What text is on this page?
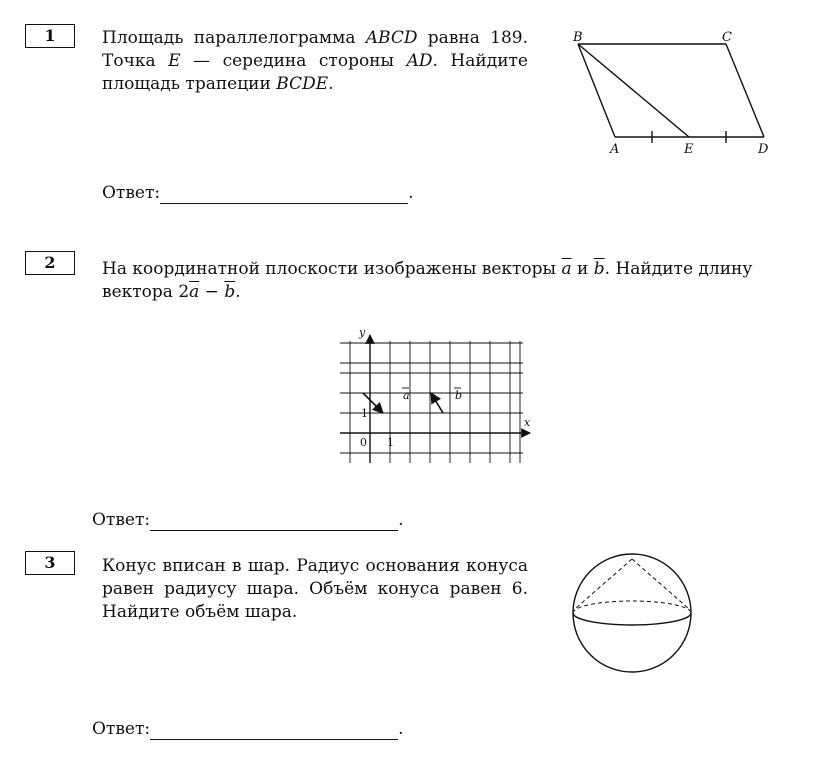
1	Площадь параллелограмма ABCD равна 189. Точка E — середина стороны AD. Найдите площадь трапеции BCDE.
B	C
A	E	D
Ответ:	.
2	На координатной плоскости изображены векторы $\overline{a}$ и $\overline{b}$. Найдите длину
вектора $2\overline{a} - \overline{b}$.
y
x
1
0 1
a	b
Ответ:	.
3	Конус вписан в шар. Радиус основания конуса равен радиусу шара. Объём конуса равен 6. Найдите объём шара.
Ответ:	.
